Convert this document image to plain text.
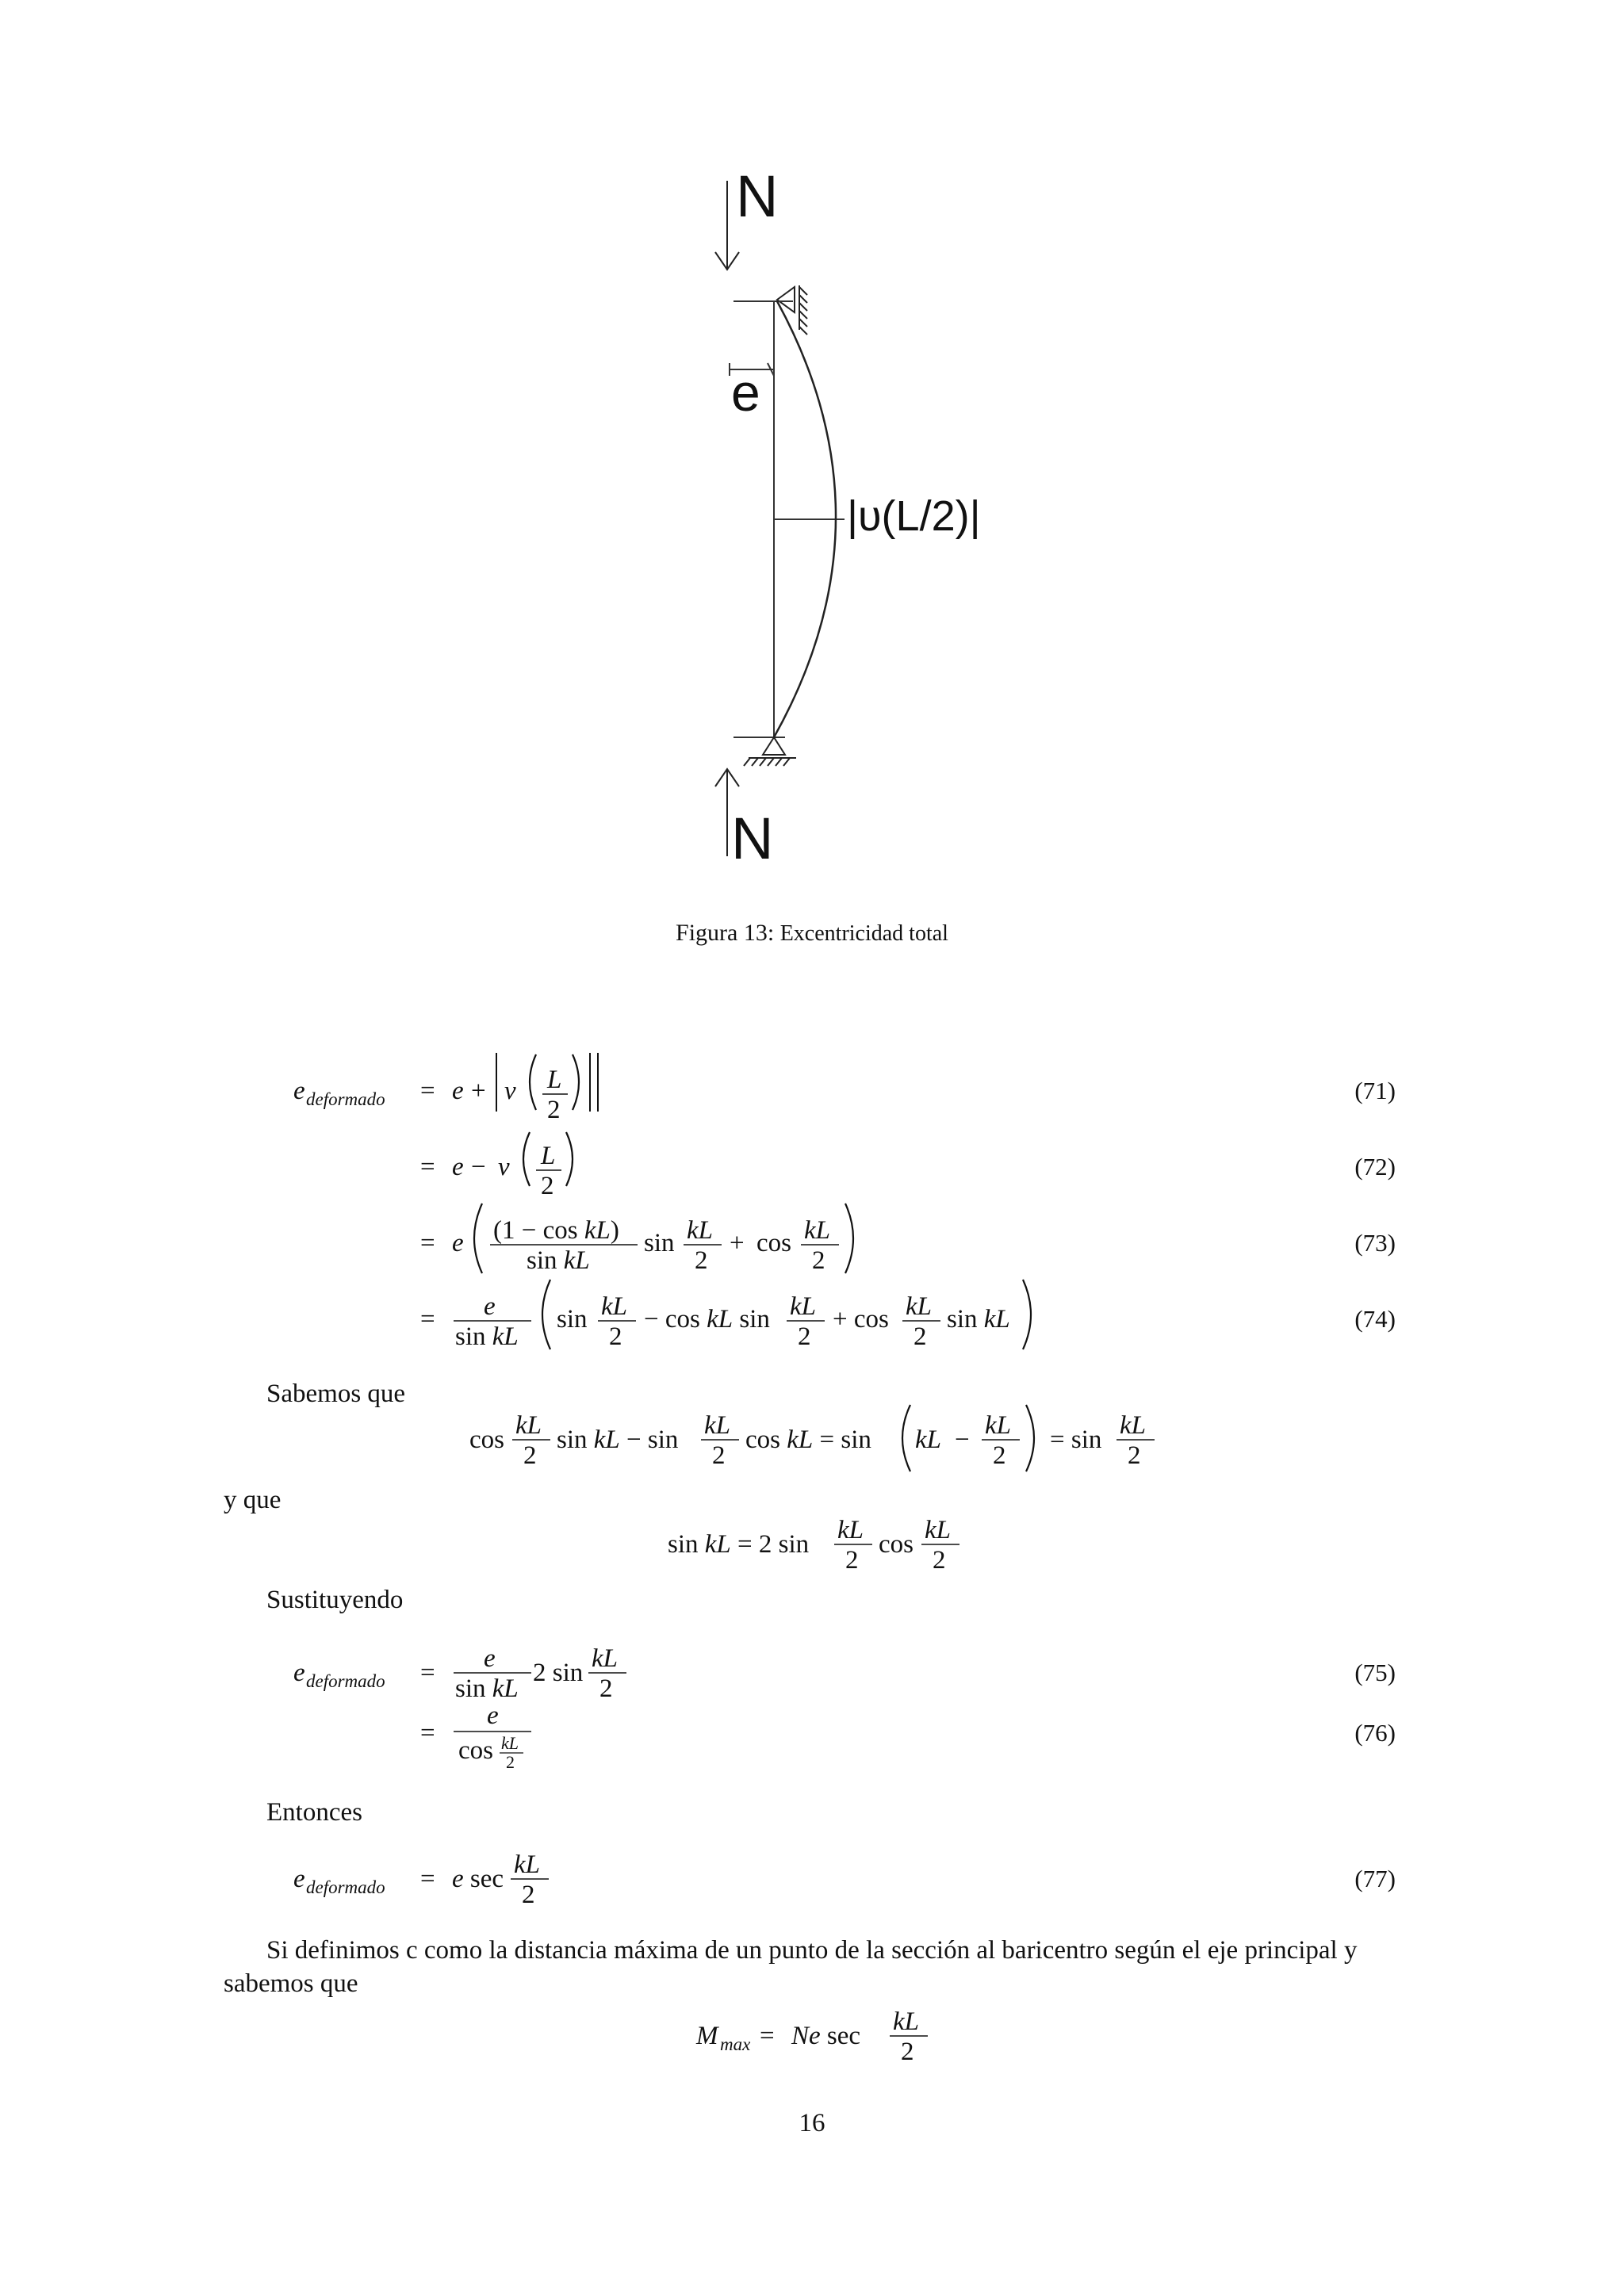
N
e
|υ(L/2)|
N
Figura 13: Excentricidad total
e deformado = e + ν L
2
= e − ν L
2
= e (1 − cos kL)
sin kL
sin kL
2
+ cos kL
2
= e
sin kL
sin kL
2
− cos kL sin kL
2
+ cos kL
2
sin kL
cos kL
2
sin kL − sin kL
2
cos kL = sin kL − kL
2
= sin kL
2
sin kL = 2 sin kL
2
cos kL
2
e deformado = e
sin kL
2 sin kL
2
=
e
cos kL
2
e deformado = e sec kL
2
M max = Ne sec kL
2
(71)
(72)
(73)
(74)
(75)
(76)
(77)
Sabemos que
y que
Sustituyendo
Entonces
Si definimos c como la distancia máxima de un punto de la sección al baricentro según el eje principal y
sabemos que
16
